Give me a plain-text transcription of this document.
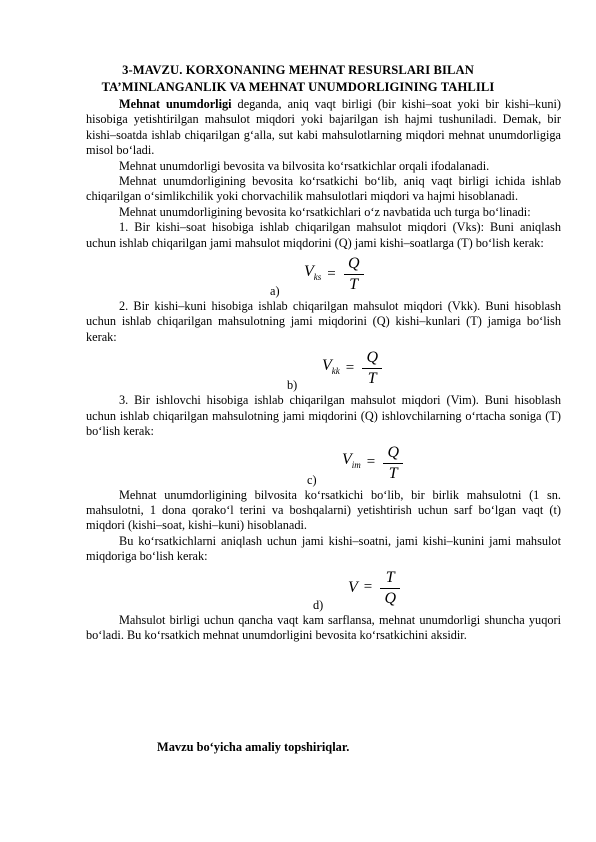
3-MAVZU. KORXONANING MEHNAT RESURSLARI BILAN
TA’MINLANGANLIK VA MEHNAT UNUMDORLIGINING TAHLILI

Mehnat unumdorligi deganda, aniq vaqt birligi (bir kishi–soat yoki bir kishi–kuni) hisobiga yetishtirilgan mahsulot miqdori yoki bajarilgan ish hajmi tushuniladi. Demak, bir kishi–soatda ishlab chiqarilgan g‘alla, sut kabi mahsulotlarning miqdori mehnat unumdorligiga misol bo‘ladi.

Mehnat unumdorligi bevosita va bilvosita ko‘rsatkichlar orqali ifodalanadi.

Mehnat unumdorligining bevosita ko‘rsatkichi bo‘lib, aniq vaqt birligi ichida ishlab chiqarilgan o‘simlikchilik yoki chorvachilik mahsulotlari miqdori va hajmi hisoblanadi.

Mehnat unumdorligining bevosita ko‘rsatkichlari o‘z navbatida uch turga bo‘linadi:

1. Bir kishi–soat hisobiga ishlab chiqarilgan mahsulot miqdori (Vks): Buni aniqlash uchun ishlab chiqarilgan jami mahsulot miqdorini (Q) jami kishi–soatlarga (T) bo‘lish kerak:

a)
$V_{ks} = \frac{Q}{T}$

2. Bir kishi–kuni hisobiga ishlab chiqarilgan mahsulot miqdori (Vkk). Buni hisoblash uchun ishlab chiqarilgan mahsulotning jami miqdorini (Q) kishi–kunlari (T) jamiga bo‘lish kerak:

b)
$V_{kk} = \frac{Q}{T}$

3. Bir ishlovchi hisobiga ishlab chiqarilgan mahsulot miqdori (Vim). Buni hisoblash uchun ishlab chiqarilgan mahsulotning jami miqdorini (Q) ishlovchilarning o‘rtacha soniga (T) bo‘lish kerak:

c)
$V_{im} = \frac{Q}{T}$

Mehnat unumdorligining bilvosita ko‘rsatkichi bo‘lib, bir birlik mahsulotni (1 sn. mahsulotni, 1 dona qorako‘l terini va boshqalarni) yetishtirish uchun sarf bo‘lgan vaqt (t) miqdori (kishi–soat, kishi–kuni) hisoblanadi.

Bu ko‘rsatkichlarni aniqlash uchun jami kishi–soatni, jami kishi–kunini jami mahsulot miqdoriga bo‘lish kerak:

d)
$V = \frac{T}{Q}$

Mahsulot birligi uchun qancha vaqt kam sarflansa, mehnat unumdorligi shuncha yuqori bo‘ladi. Bu ko‘rsatkich mehnat unumdorligini bevosita ko‘rsatkichini aksidir.

Mavzu bo‘yicha amaliy topshiriqlar.
